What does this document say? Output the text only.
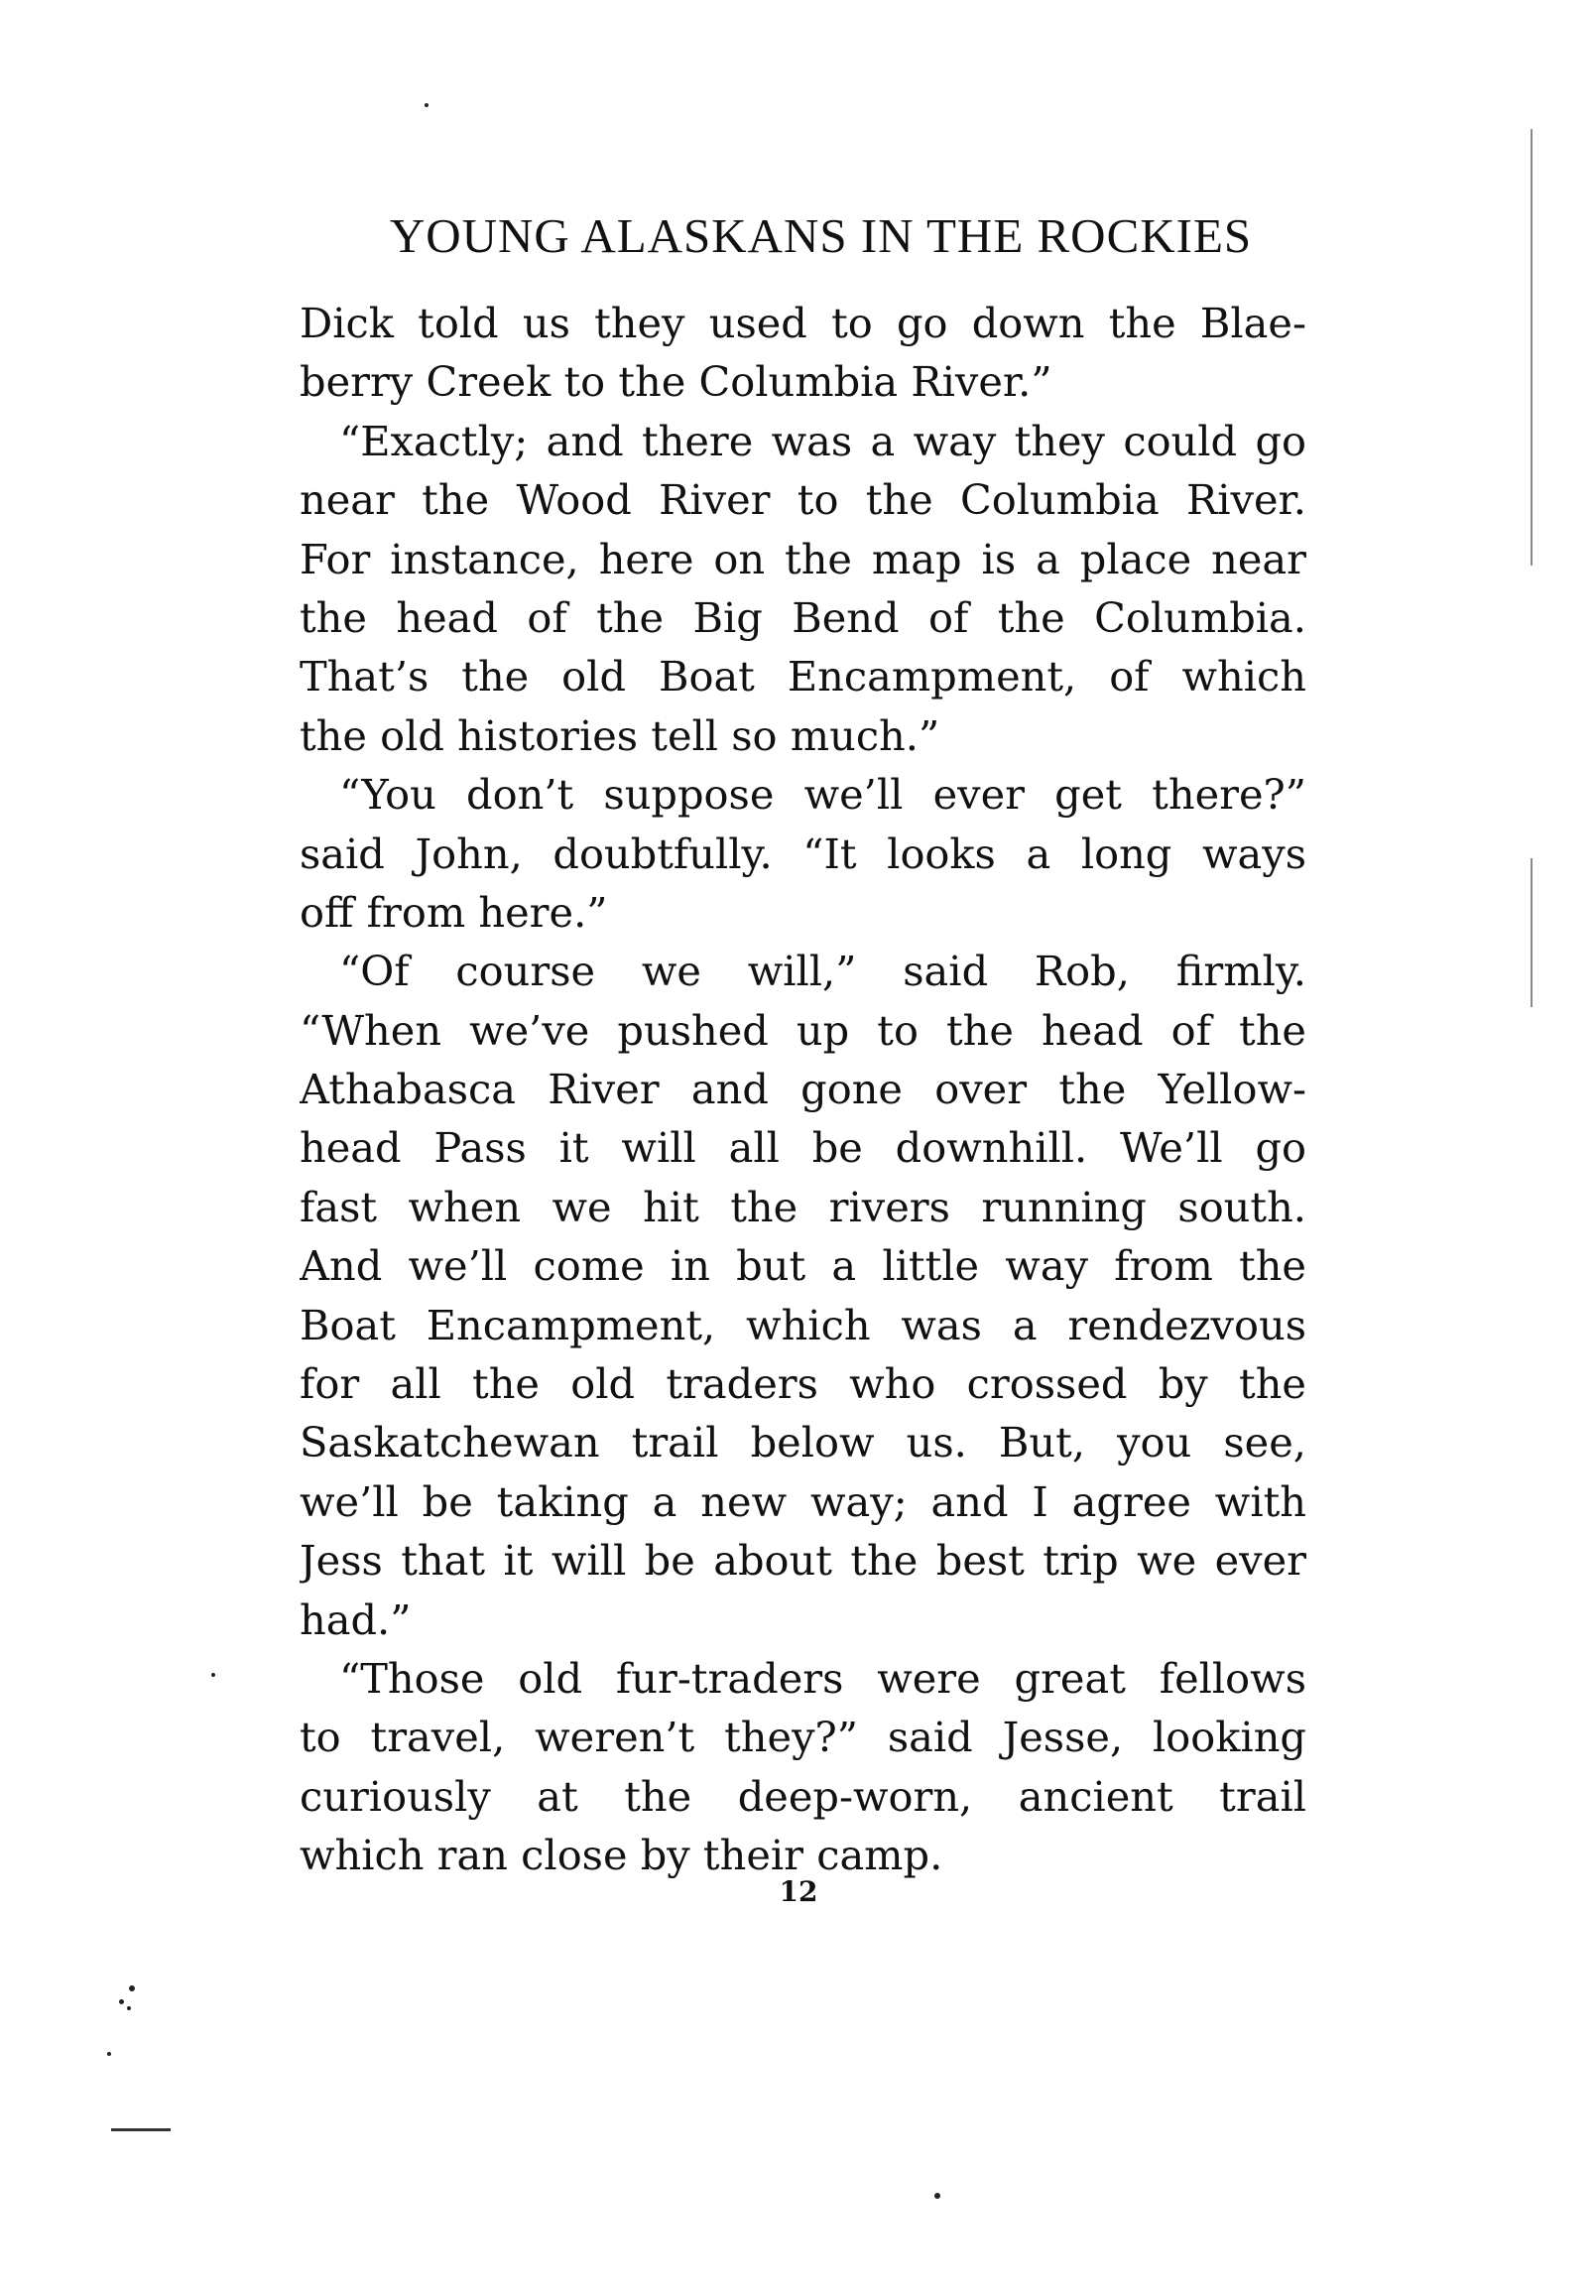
YOUNG ALASKANS IN THE ROCKIES
Dick told us they used to go down the Blae-
berry Creek to the Columbia River.”
“Exactly; and there was a way they could go
near the Wood River to the Columbia River.
For instance, here on the map is a place near
the head of the Big Bend of the Columbia.
That’s the old Boat Encampment, of which
the old histories tell so much.”
“You don’t suppose we’ll ever get there?”
said John, doubtfully. “It looks a long ways
off from here.”
“Of course we will,” said Rob, firmly.
“When we’ve pushed up to the head of the
Athabasca River and gone over the Yellow-
head Pass it will all be downhill. We’ll go
fast when we hit the rivers running south.
And we’ll come in but a little way from the
Boat Encampment, which was a rendezvous
for all the old traders who crossed by the
Saskatchewan trail below us. But, you see,
we’ll be taking a new way; and I agree with
Jess that it will be about the best trip we ever
had.”
“Those old fur-traders were great fellows
to travel, weren’t they?” said Jesse, looking
curiously at the deep-worn, ancient trail
which ran close by their camp.
12
